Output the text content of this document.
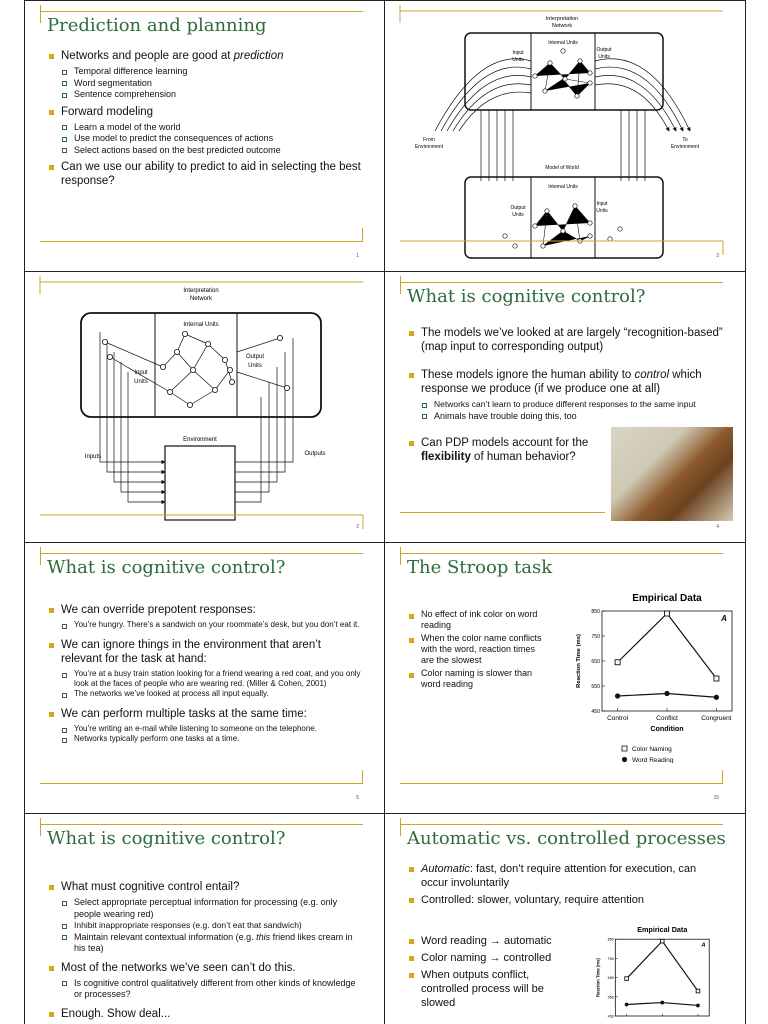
Prediction and planning
Networks and people are good at prediction
Temporal difference learning
Word segmentation
Sentence comprehension
Forward modeling
Learn a model of the world
Use model to predict the consequences of actions
Select actions based on the best predicted outcome
Can we use our ability to predict to aid in selecting the best response?
1
Interpretation
Network
Internal Units
Input
Units
Output
Units
From
Environment
To
Environment
Model of World
Internal Units
Output
Units
Input
Units
3
Interpretation
Network
Internal Units
Input
Units
Output
Units
Environment
Inputs	Outputs
2
What is cognitive control?
The models we’ve looked at are largely “recognition-based” (map input to corresponding output)
These models ignore the human ability to control which response we produce (if we produce one at all)
Networks can’t learn to produce different responses to the same input
Animals have trouble doing this, too
Can PDP models account for the flexibility of human behavior?
4
What is cognitive control?
We can override prepotent responses:
You’re hungry. There’s a sandwich on your roommate’s desk, but you don’t eat it.
We can ignore things in the environment that aren’t relevant for the task at hand:
You’re at a busy train station looking for a friend wearing a red coat, and you only look at the faces of people who are wearing red. (Miller & Cohen, 2001)
The networks we’ve looked at process all input equally.
We can perform multiple tasks at the same time:
You’re writing an e-mail while listening to someone on the telephone.
Networks typically perform one tasks at a time.
5
The Stroop task
No effect of ink color on word reading
When the color name conflicts with the word, reaction times are the slowest
Color naming is slower than word reading
Empirical Data
A
450
550
650
750
850
Control	Conflict	Congruent
Reaction Time (ms)
Condition
Color Naming
Word Reading
15
What is cognitive control?
What must cognitive control entail?
Select appropriate perceptual information for processing (e.g. only people wearing red)
Inhibit inappropriate responses (e.g. don’t eat that sandwich)
Maintain relevant contextual information (e.g. this friend likes cream in his tea)
Most of the networks we’ve seen can’t do this.
Is cognitive control qualitatively different from other kinds of knowledge or processes?
Enough. Show deal...
Automatic vs. controlled processes
Automatic: fast, don’t require attention for execution, can occur involuntarily
Controlled: slower, voluntary, require attention
Word reading → automatic
Color naming → controlled
When outputs conflict, controlled process will be slowed
Empirical Data
A
450
550
650
750
850
Reaction Time (ms)
